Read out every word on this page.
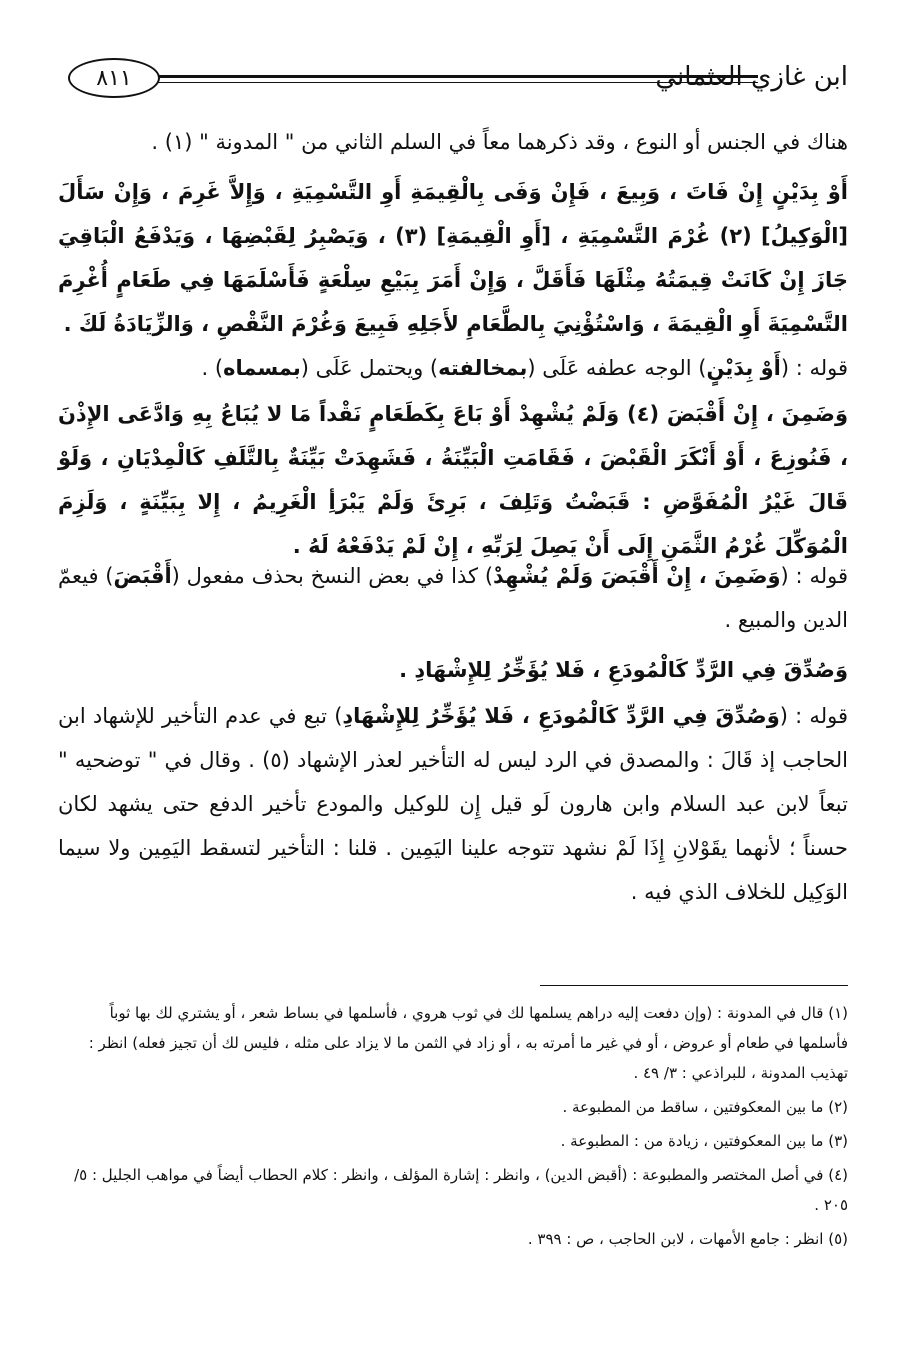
٨١١	ابن غازي العثماني

هناك في الجنس أو النوع ، وقد ذكرهما معاً في السلم الثاني من " المدونة " (١) .

أَوْ بِدَيْنٍ إِنْ فَاتَ ، وَبِيعَ ، فَإِنْ وَفَى بِالْقِيمَةِ أَوِ التَّسْمِيَةِ ، وَإِلاَّ غَرِمَ ، وَإِنْ سَأَلَ [الْوَكِيلُ] (٢) غُرْمَ التَّسْمِيَةِ ، [أَوِ الْقِيمَةِ] (٣) ، وَيَصْبِرُ لِقَبْضِهَا ، وَيَدْفَعُ الْبَاقِيَ جَازَ إِنْ كَانَتْ قِيمَتُهُ مِثْلَهَا فَأَقَلَّ ، وَإِنْ أَمَرَ بِبَيْعِ سِلْعَةٍ فَأَسْلَمَهَا فِي طَعَامٍ أُغْرِمَ التَّسْمِيَةَ أَوِ الْقِيمَةَ ، وَاسْتُؤْنِيَ بِالطَّعَامِ لأَجَلِهِ فَبِيعَ وَغُرْمَ النَّقْصِ ، وَالزِّيَادَةُ لَكَ .

قوله : (أَوْ بِدَيْنٍ) الوجه عطفه عَلَى (بمخالفته) ويحتمل عَلَى (بمسماه) .

وَضَمِنَ ، إِنْ أَقْبَضَ (٤) وَلَمْ يُشْهِدْ أَوْ بَاعَ بِكَطَعَامٍ نَقْداً مَا لا يُبَاعُ بِهِ وَادَّعَى الإِذْنَ ، فَنُوزِعَ ، أَوْ أَنْكَرَ الْقَبْضَ ، فَقَامَتِ الْبَيِّنَةُ ، فَشَهِدَتْ بَيِّنَةٌ بِالتَّلَفِ كَالْمِدْيَانِ ، وَلَوْ قَالَ غَيْرُ الْمُفَوَّضِ : قَبَضْتُ وَتَلِفَ ، بَرِئَ وَلَمْ يَبْرَأِ الْغَرِيمُ ، إِلا بِبَيِّنَةٍ ، وَلَزِمَ الْمُوَكِّلَ غُرْمُ الثَّمَنِ إِلَى أَنْ يَصِلَ لِرَبِّهِ ، إِنْ لَمْ يَدْفَعْهُ لَهُ .

قوله : (وَضَمِنَ ، إِنْ أَقْبَضَ وَلَمْ يُشْهِدْ) كذا في بعض النسخ بحذف مفعول (أَقْبَضَ) فيعمّ الدين والمبيع .

وَصُدِّقَ فِي الرَّدِّ كَالْمُودَعِ ، فَلا يُؤَخِّرُ لِلإِشْهَادِ .

قوله : (وَصُدِّقَ فِي الرَّدِّ كَالْمُودَعِ ، فَلا يُؤَخِّرُ لِلإِشْهَادِ) تبع في عدم التأخير للإشهاد ابن الحاجب إذ قَالَ : والمصدق في الرد ليس له التأخير لعذر الإشهاد (٥) . وقال في " توضحيه " تبعاً لابن عبد السلام وابن هارون لَو قيل إِن للوكيل والمودع تأخير الدفع حتى يشهد لكان حسناً ؛ لأنهما يقَوْلانِ إِذَا لَمْ نشهد تتوجه علينا اليَمِين . قلنا : التأخير لتسقط اليَمِين ولا سيما الوَكِيل للخلاف الذي فيه .

(١) قال في المدونة : (وإن دفعت إليه دراهم يسلمها لك في ثوب هروي ، فأسلمها في بساط شعر ، أو يشتري لك بها ثوباً فأسلمها في طعام أو عروض ، أو في غير ما أمرته به ، أو زاد في الثمن ما لا يزاد على مثله ، فليس لك أن تجيز فعله) انظر : تهذيب المدونة ، للبراذعي : ٣/ ٤٩ .

(٢) ما بين المعكوفتين ، ساقط من المطبوعة .

(٣) ما بين المعكوفتين ، زيادة من : المطبوعة .

(٤) في أصل المختصر والمطبوعة : (أقبض الدين) ، وانظر : إشارة المؤلف ، وانظر : كلام الحطاب أيضاً في مواهب الجليل : ٥/ ٢٠٥ .

(٥) انظر : جامع الأمهات ، لابن الحاجب ، ص : ٣٩٩ .
